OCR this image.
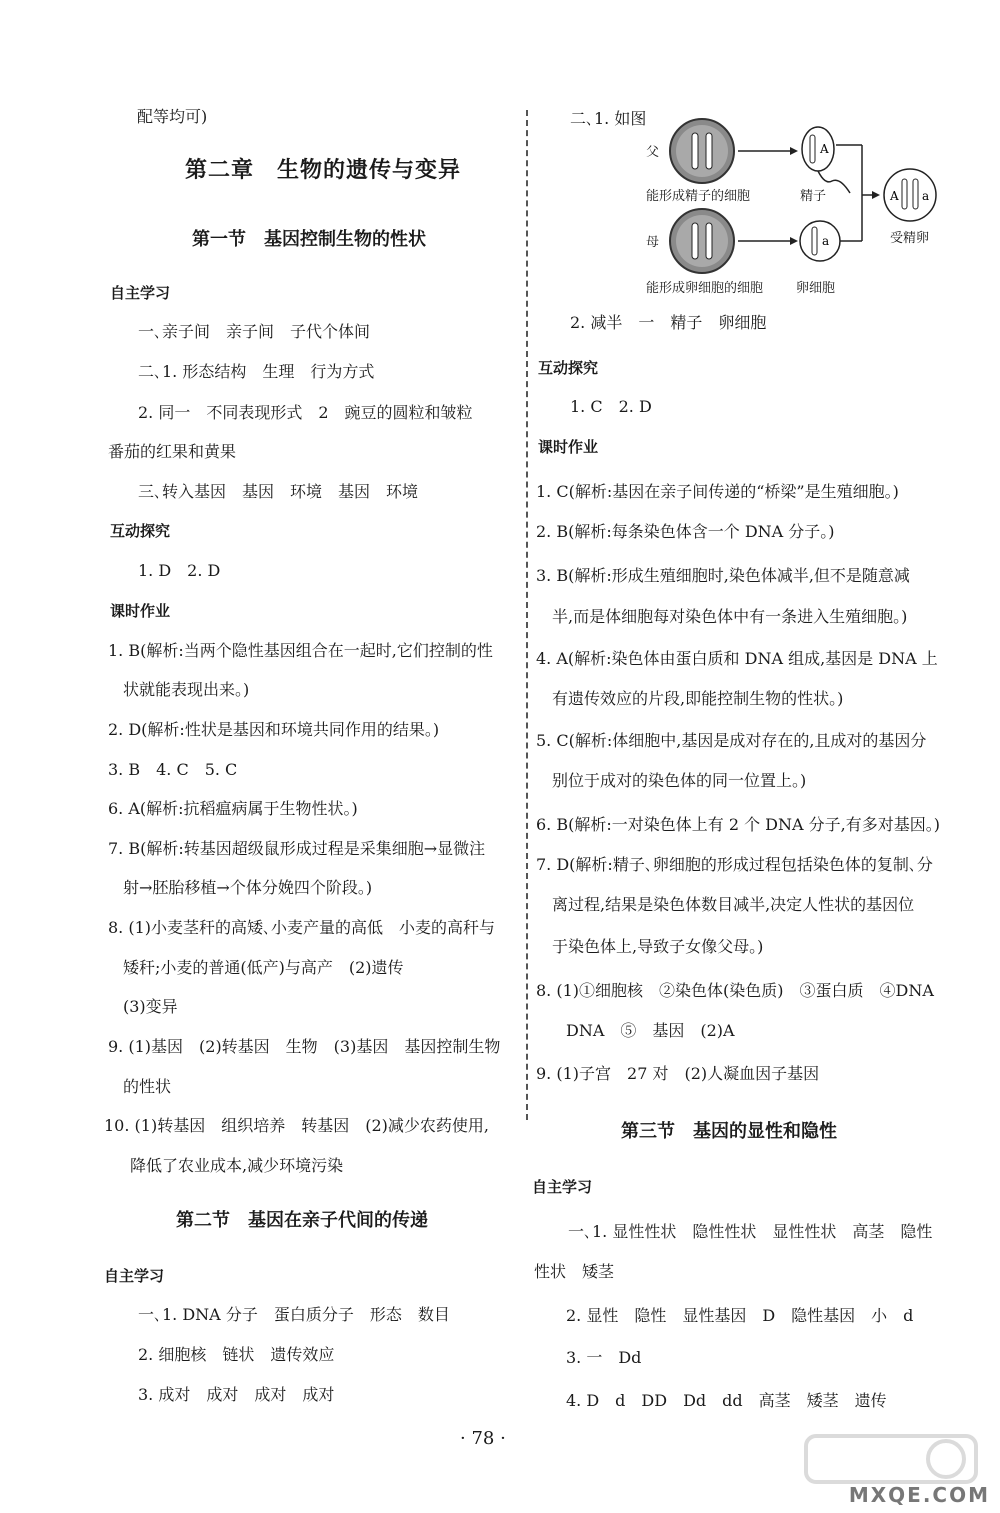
配等均可)
第二章　生物的遗传与变异
第一节　基因控制生物的性状
自主学习
一､亲子间　亲子间　子代个体间
二､1. 形态结构　生理　行为方式
2. 同一　不同表现形式　2　豌豆的圆粒和皱粒
番茄的红果和黄果
三､转入基因　基因　环境　基因　环境
互动探究
1. D　2. D
课时作业
1. B(解析:当两个隐性基因组合在一起时,它们控制的性
状就能表现出来。)
2. D(解析:性状是基因和环境共同作用的结果。)
3. B　4. C　5. C
6. A(解析:抗稻瘟病属于生物性状。)
7. B(解析:转基因超级鼠形成过程是采集细胞→显微注
射→胚胎移植→个体分娩四个阶段。)
8. (1)小麦茎秆的高矮､小麦产量的高低　小麦的高秆与
矮秆;小麦的普通(低产)与高产　(2)遗传
(3)变异
9. (1)基因　(2)转基因　生物　(3)基因　基因控制生物
的性状
10. (1)转基因　组织培养　转基因　(2)减少农药使用,
降低了农业成本,减少环境污染
第二节　基因在亲子代间的传递
自主学习
一､1. DNA 分子　蛋白质分子　形态　数目
2. 细胞核　链状　遗传效应
3. 成对　成对　成对　成对
二､1. 如图
A
a
A a
父
母
能形成精子的细胞
能形成卵细胞的细胞
精子
卵细胞
受精卵
2. 减半　一　精子　卵细胞
互动探究
1. C　2. D
课时作业
1. C(解析:基因在亲子间传递的“桥梁”是生殖细胞。)
2. B(解析:每条染色体含一个 DNA 分子。)
3. B(解析:形成生殖细胞时,染色体减半,但不是随意减
半,而是体细胞每对染色体中有一条进入生殖细胞。)
4. A(解析:染色体由蛋白质和 DNA 组成,基因是 DNA 上
有遗传效应的片段,即能控制生物的性状。)
5. C(解析:体细胞中,基因是成对存在的,且成对的基因分
别位于成对的染色体的同一位置上。)
6. B(解析:一对染色体上有 2 个 DNA 分子,有多对基因。)
7. D(解析:精子､卵细胞的形成过程包括染色体的复制､分
离过程,结果是染色体数目减半,决定人性状的基因位
于染色体上,导致子女像父母。)
8. (1)①细胞核　②染色体(染色质)　③蛋白质　④DNA
DNA　⑤　基因　(2)A
9. (1)子宫　27 对　(2)人凝血因子基因
第三节　基因的显性和隐性
自主学习
一､1. 显性性状　隐性性状　显性性状　高茎　隐性
性状　矮茎
2. 显性　隐性　显性基因　D　隐性基因　小　d
3. 一　Dd
4. D　d　DD　Dd　dd　高茎　矮茎　遗传
· 78 ·
MXQE.COM
